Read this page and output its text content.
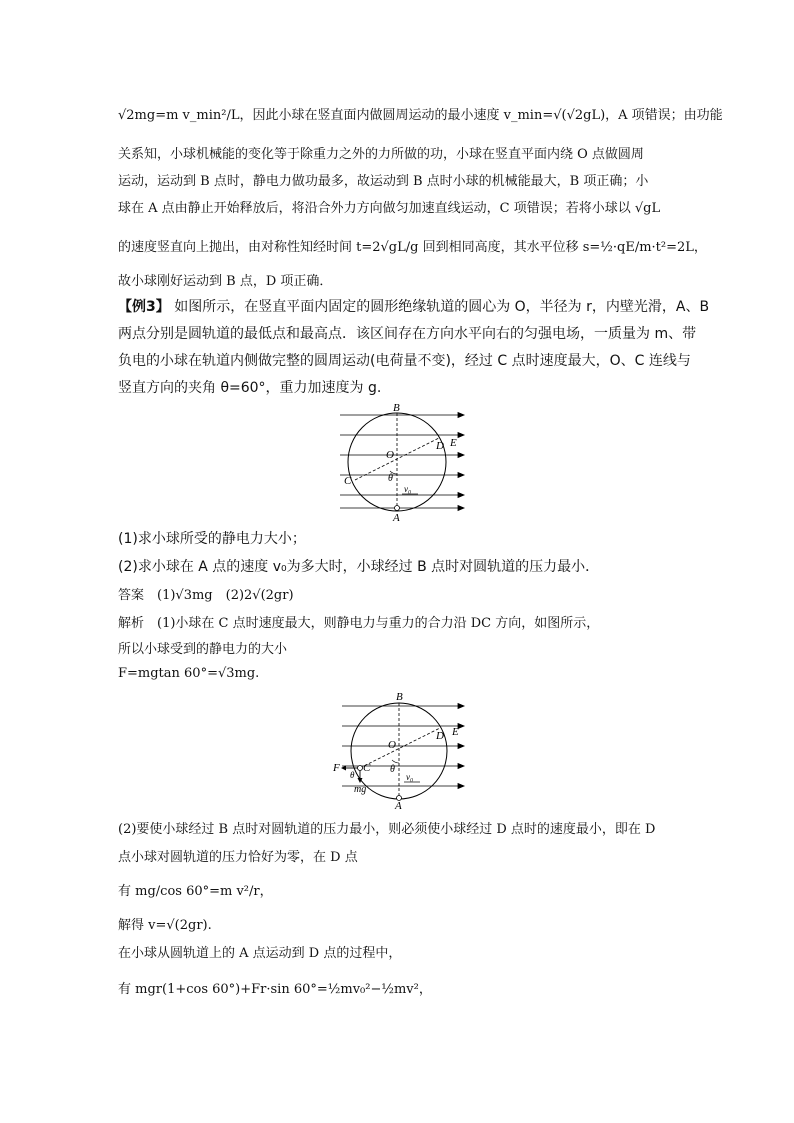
√2mg=m v_min²/L，因此小球在竖直面内做圆周运动的最小速度 v_min=√(√2gL)，A 项错误；由功能
关系知，小球机械能的变化等于除重力之外的力所做的功，小球在竖直平面内绕 O 点做圆周
运动，运动到 B 点时，静电力做功最多，故运动到 B 点时小球的机械能最大，B 项正确；小
球在 A 点由静止开始释放后，将沿合外力方向做匀加速直线运动，C 项错误；若将小球以 √gL
的速度竖直向上抛出，由对称性知经时间 t=2√gL/g 回到相同高度，其水平位移 s=½·qE/m·t²=2L，
故小球刚好运动到 B 点，D 项正确．
【例3】 如图所示，在竖直平面内固定的圆形绝缘轨道的圆心为 O，半径为 r，内壁光滑，A、B
两点分别是圆轨道的最低点和最高点．该区间存在方向水平向右的匀强电场，一质量为 m、带
负电的小球在轨道内侧做完整的圆周运动(电荷量不变)，经过 C 点时速度最大，O、C 连线与
竖直方向的夹角 θ=60°，重力加速度为 g.
B
A
O
C
D E
θ
v₀
(1)求小球所受的静电力大小；
(2)求小球在 A 点的速度 v₀为多大时，小球经过 B 点时对圆轨道的压力最小．
答案　(1)√3mg　(2)2√(2gr)
解析　(1)小球在 C 点时速度最大，则静电力与重力的合力沿 DC 方向，如图所示，
所以小球受到的静电力的大小
F=mgtan 60°=√3mg.
B
A
O
C
D E
F	θ
θ
mg
v₀
(2)要使小球经过 B 点时对圆轨道的压力最小，则必须使小球经过 D 点时的速度最小，即在 D
点小球对圆轨道的压力恰好为零，在 D 点
有 mg/cos 60°=m v²/r，
解得 v=√(2gr).
在小球从圆轨道上的 A 点运动到 D 点的过程中，
有 mgr(1+cos 60°)+Fr·sin 60°=½mv₀²−½mv²，
